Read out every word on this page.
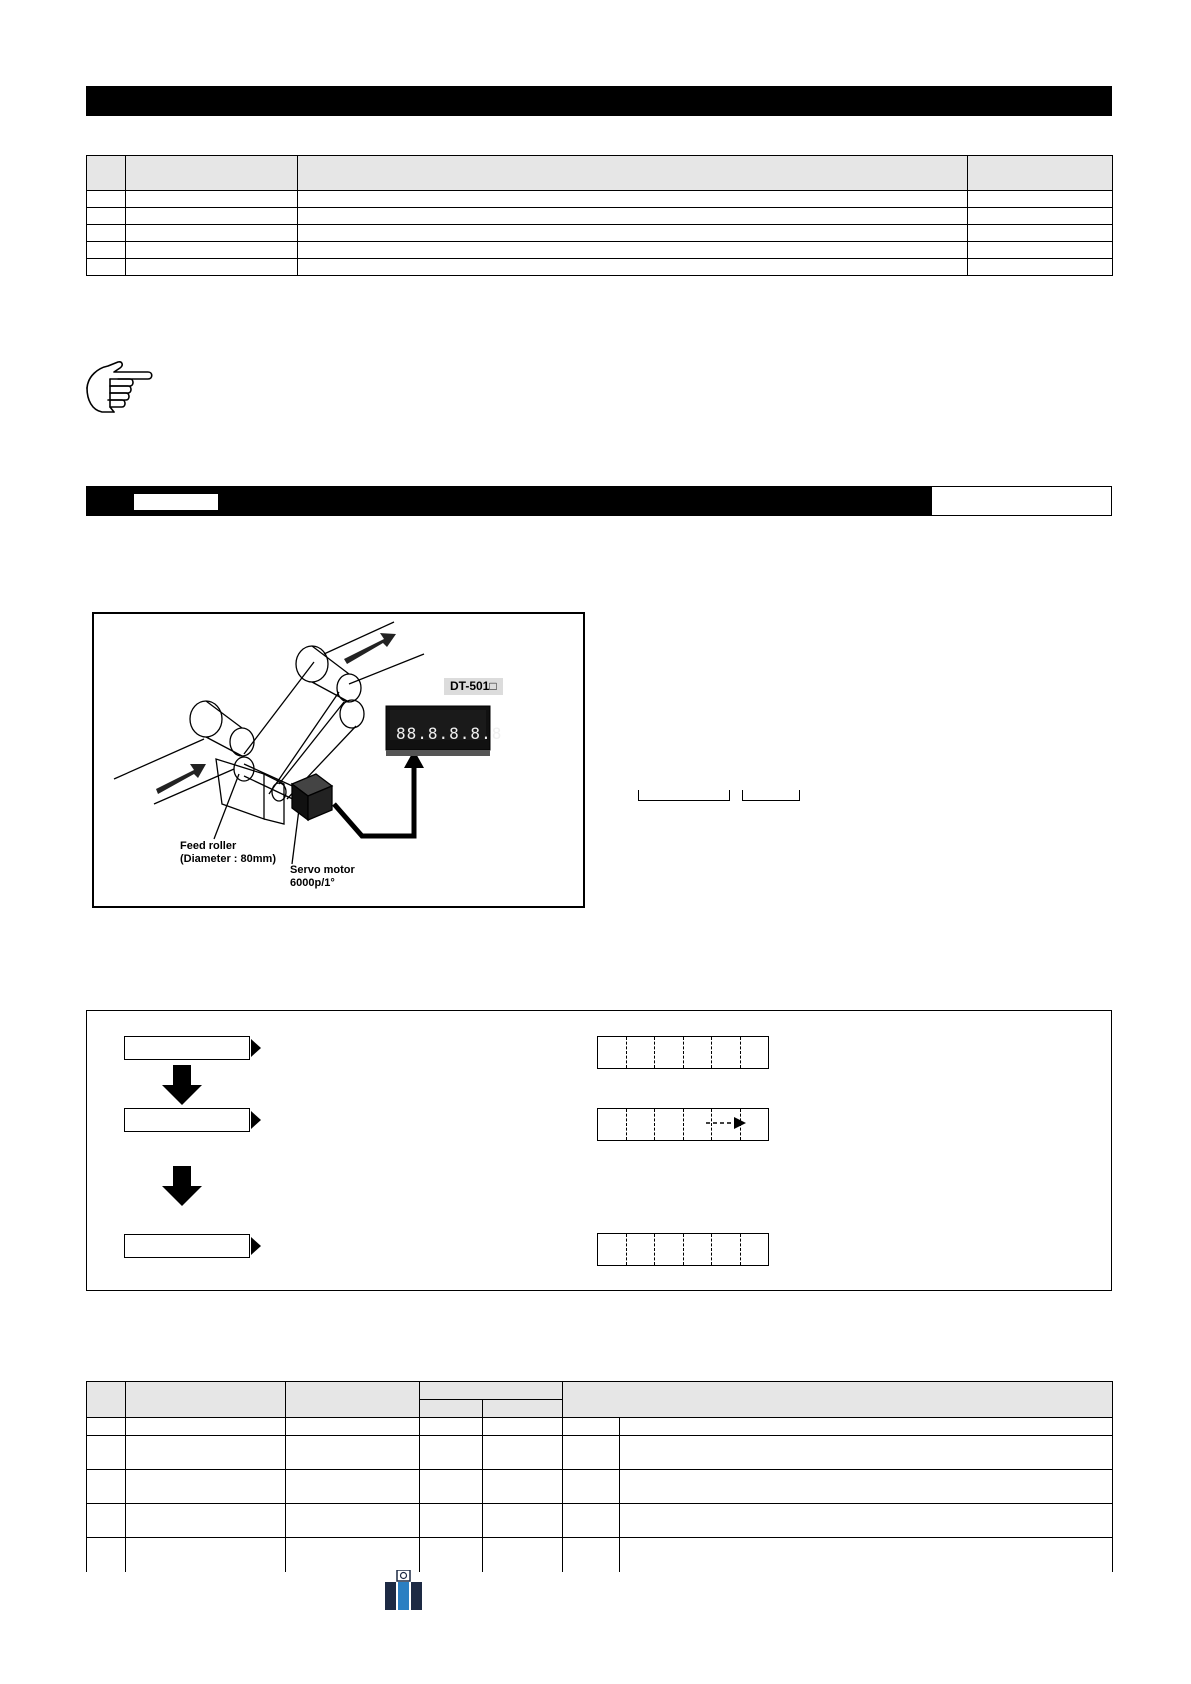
88.8.8.8.8
DT-501□
Feed roller
(Diameter : 80mm)
Servo motor
6000p/1°
